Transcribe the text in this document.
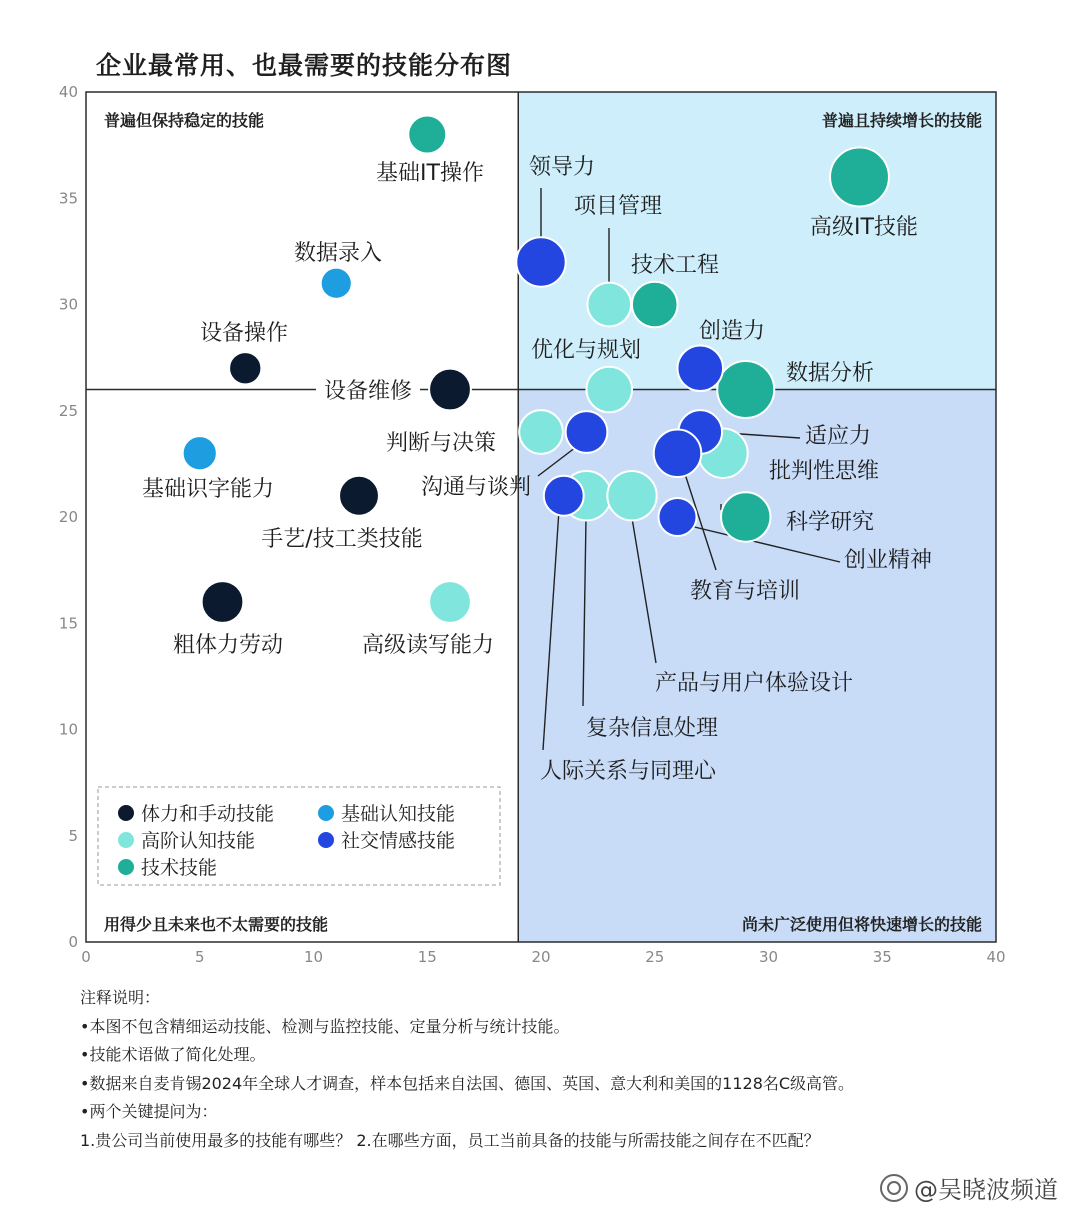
企业最常用、也最需要的技能分布图
0	5	10	15	20	25	30	35	40
0
5
10
15
20
25
30
35
40
普遍但保持稳定的技能	普遍且持续增长的技能
用得少且未来也不太需要的技能	尚未广泛使用但将快速增长的技能
基础IT操作
数据录入
设备操作
设备维修
基础识字能力
手艺/技工类技能
粗体力劳动	高级读写能力
领导力
项目管理
技术工程
高级IT技能
创造力
优化与规划
数据分析
判断与决策
沟通与谈判
适应力
批判性思维
教育与培训
人际关系与同理心
复杂信息处理
产品与用户体验设计
科学研究
创业精神
体力和手动技能	基础认知技能
高阶认知技能	社交情感技能
技术技能
注释说明：
•本图不包含精细运动技能、检测与监控技能、定量分析与统计技能。
•技能术语做了简化处理。
•数据来自麦肯锡2024年全球人才调查，样本包括来自法国、德国、英国、意大利和美国的1128名C级高管。
•两个关键提问为：
1.贵公司当前使用最多的技能有哪些？ 2.在哪些方面，员工当前具备的技能与所需技能之间存在不匹配？
@吴晓波频道
